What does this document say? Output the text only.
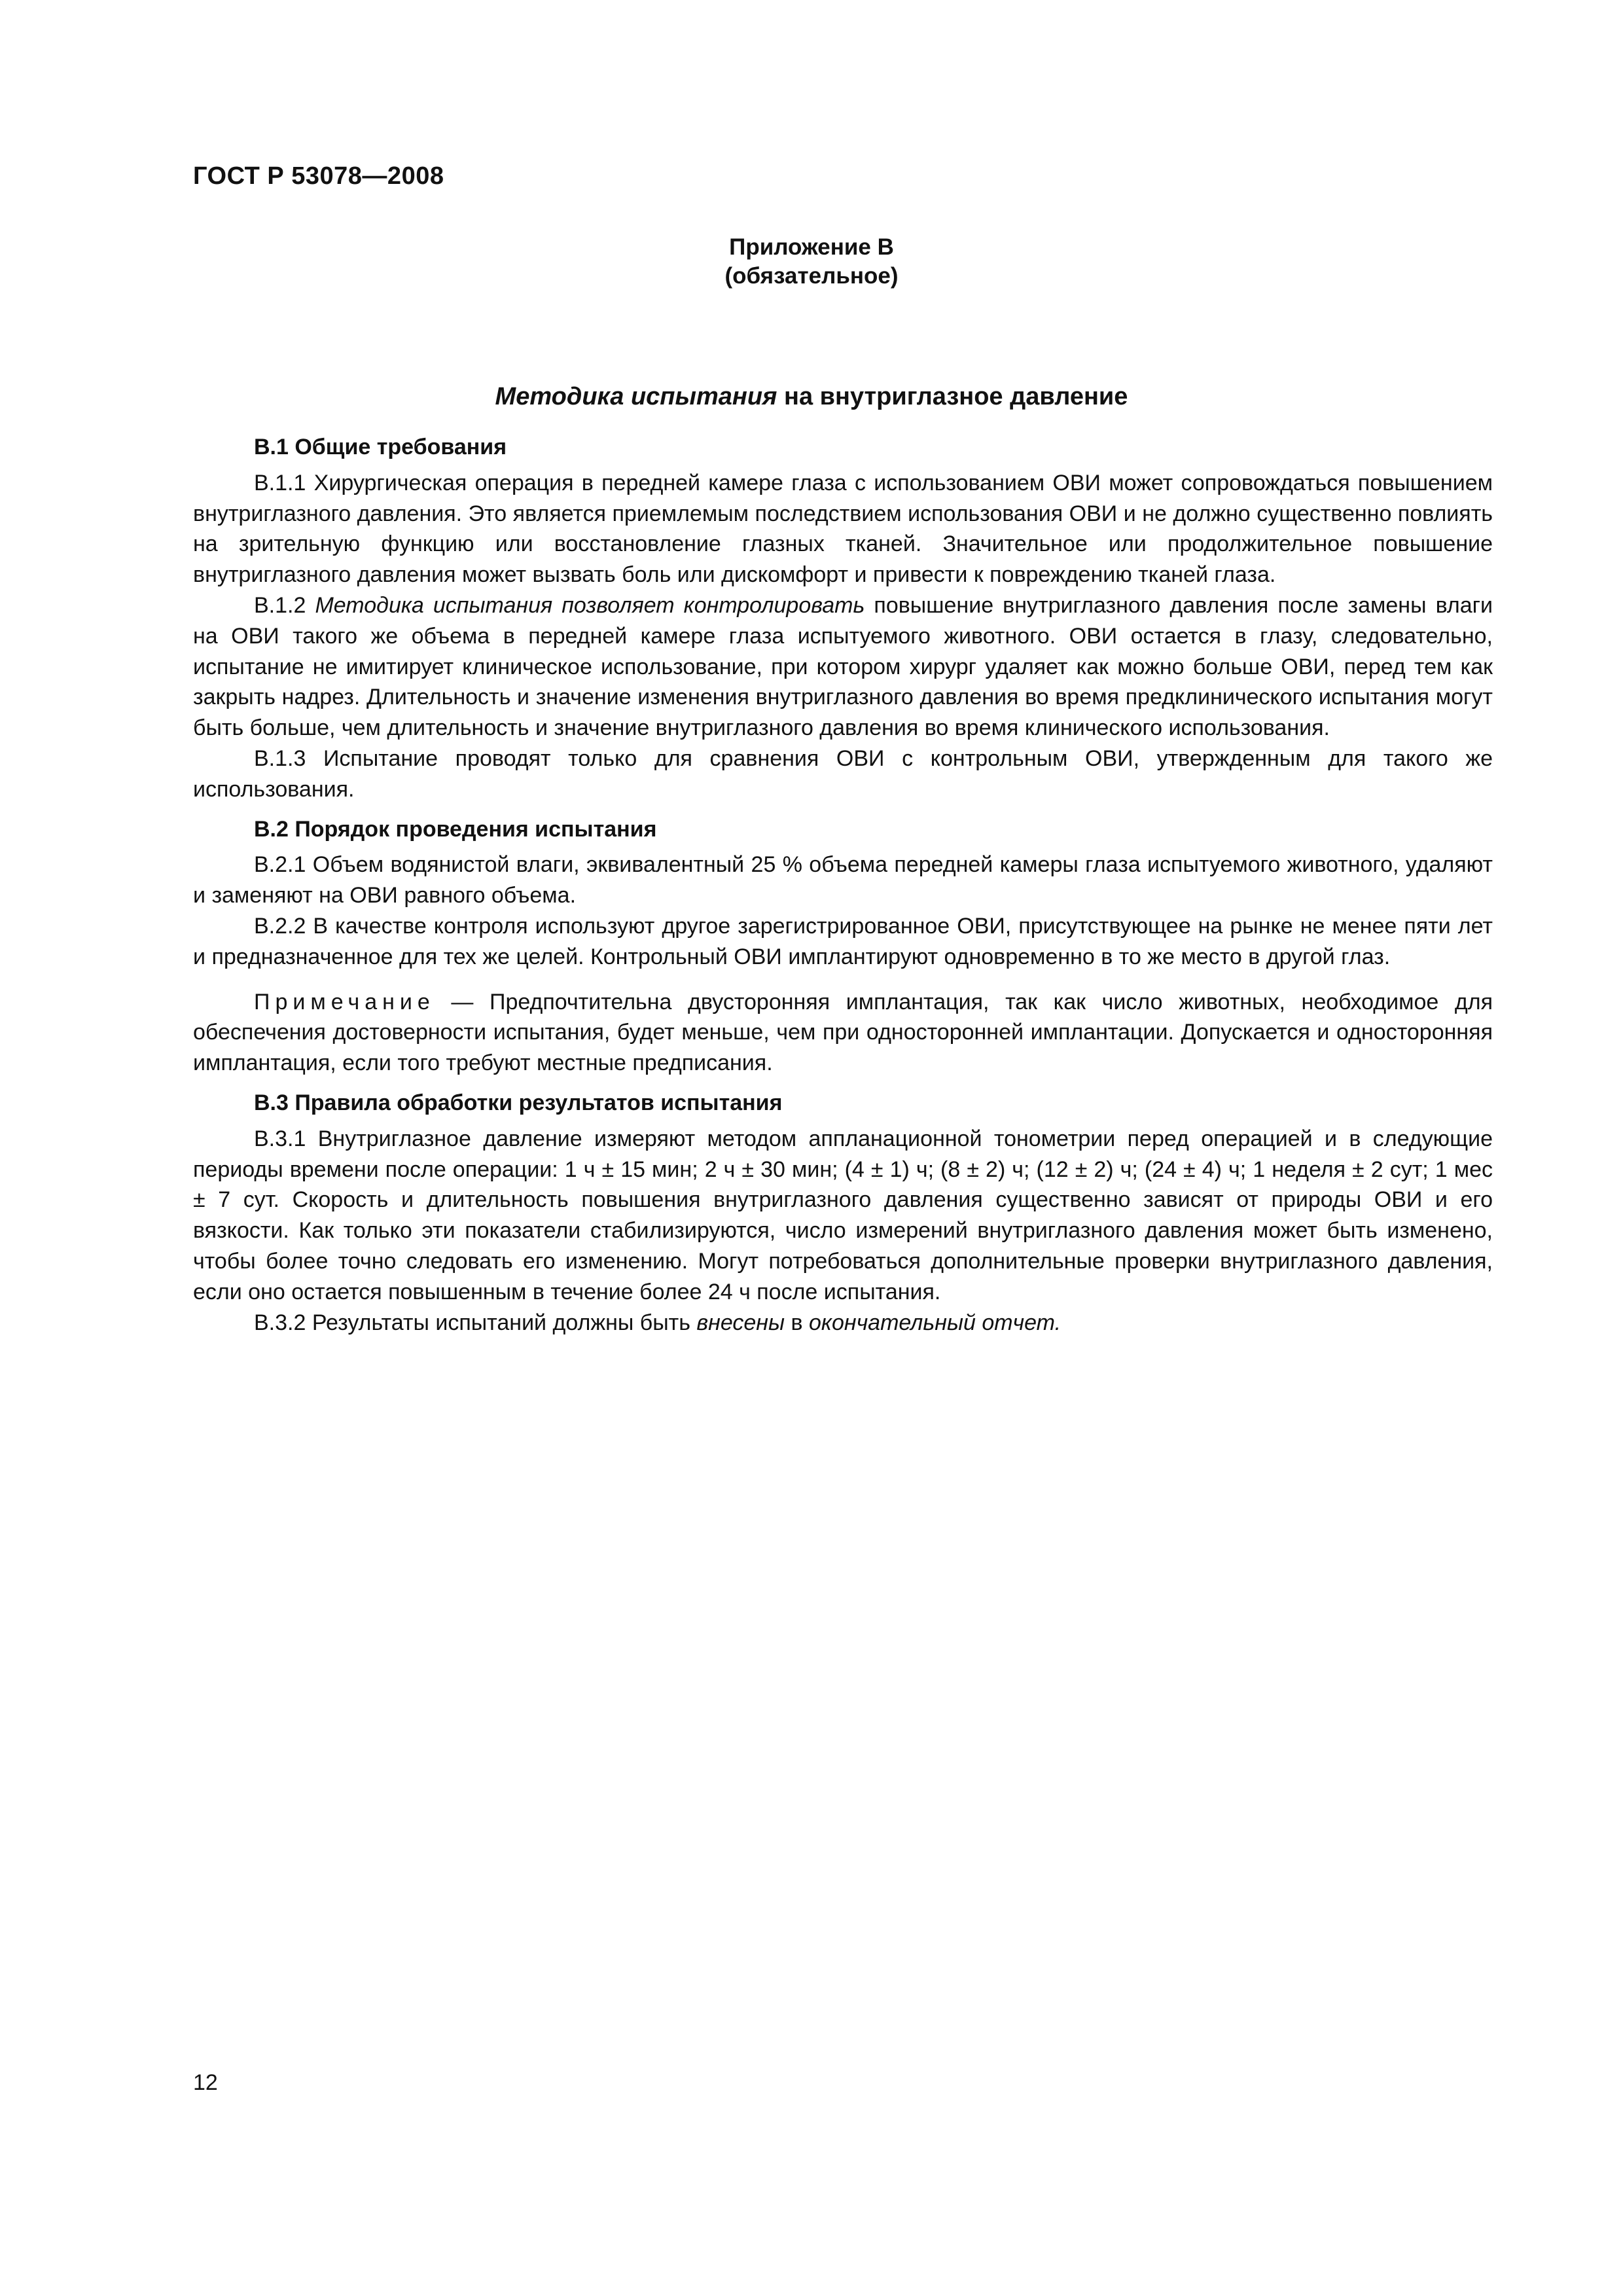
ГОСТ Р 53078—2008
Приложение В
(обязательное)
Методика испытания на внутриглазное давление
В.1 Общие требования

В.1.1 Хирургическая операция в передней камере глаза с использованием ОВИ может сопровождаться повышением внутриглазного давления. Это является приемлемым последствием использования ОВИ и не должно существенно повлиять на зрительную функцию или восстановление глазных тканей. Значительное или продолжительное повышение внутриглазного давления может вызвать боль или дискомфорт и привести к повреждению тканей глаза.

В.1.2 Методика испытания позволяет контролировать повышение внутриглазного давления после замены влаги на ОВИ такого же объема в передней камере глаза испытуемого животного. ОВИ остается в глазу, следовательно, испытание не имитирует клиническое использование, при котором хирург удаляет как можно больше ОВИ, перед тем как закрыть надрез. Длительность и значение изменения внутриглазного давления во время предклинического испытания могут быть больше, чем длительность и значение внутриглазного давления во время клинического использования.

В.1.3 Испытание проводят только для сравнения ОВИ с контрольным ОВИ, утвержденным для такого же использования.

В.2 Порядок проведения испытания

В.2.1 Объем водянистой влаги, эквивалентный 25 % объема передней камеры глаза испытуемого животного, удаляют и заменяют на ОВИ равного объема.

В.2.2 В качестве контроля используют другое зарегистрированное ОВИ, присутствующее на рынке не менее пяти лет и предназначенное для тех же целей. Контрольный ОВИ имплантируют одновременно в то же место в другой глаз.

Примечание — Предпочтительна двусторонняя имплантация, так как число животных, необходимое для обеспечения достоверности испытания, будет меньше, чем при односторонней имплантации. Допускается и односторонняя имплантация, если того требуют местные предписания.

В.3 Правила обработки результатов испытания

В.3.1 Внутриглазное давление измеряют методом аппланационной тонометрии перед операцией и в следующие периоды времени после операции: 1 ч ± 15 мин; 2 ч ± 30 мин; (4 ± 1) ч; (8 ± 2) ч; (12 ± 2) ч; (24 ± 4) ч; 1 неделя ± 2 сут; 1 мес ± 7 сут. Скорость и длительность повышения внутриглазного давления существенно зависят от природы ОВИ и его вязкости. Как только эти показатели стабилизируются, число измерений внутриглазного давления может быть изменено, чтобы более точно следовать его изменению. Могут потребоваться дополнительные проверки внутриглазного давления, если оно остается повышенным в течение более 24 ч после испытания.

В.3.2 Результаты испытаний должны быть внесены в окончательный отчет.

12
